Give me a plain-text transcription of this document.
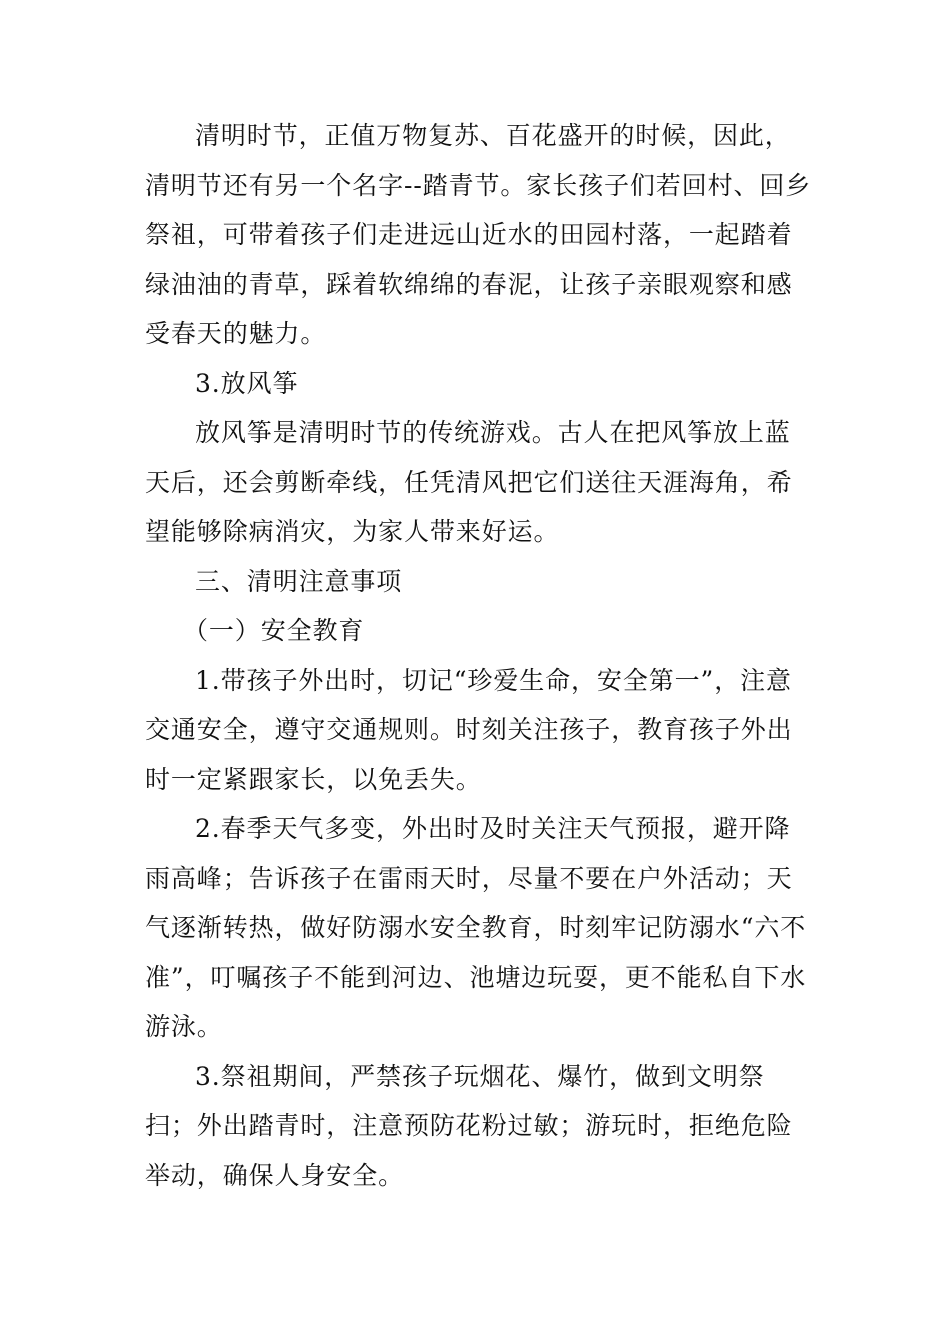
清明时节，正值万物复苏、百花盛开的时候，因此，清明节还有另一个名字--踏青节。家长孩子们若回村、回乡祭祖，可带着孩子们走进远山近水的田园村落，一起踏着绿油油的青草，踩着软绵绵的春泥，让孩子亲眼观察和感受春天的魅力。

3.放风筝

放风筝是清明时节的传统游戏。古人在把风筝放上蓝天后，还会剪断牵线，任凭清风把它们送往天涯海角，希望能够除病消灾，为家人带来好运。

三、清明注意事项

（一）安全教育

1.带孩子外出时，切记“珍爱生命，安全第一”，注意交通安全，遵守交通规则。时刻关注孩子，教育孩子外出时一定紧跟家长，以免丢失。

2.春季天气多变，外出时及时关注天气预报，避开降雨高峰；告诉孩子在雷雨天时，尽量不要在户外活动；天气逐渐转热，做好防溺水安全教育，时刻牢记防溺水“六不准”，叮嘱孩子不能到河边、池塘边玩耍，更不能私自下水游泳。

3.祭祖期间，严禁孩子玩烟花、爆竹，做到文明祭扫；外出踏青时，注意预防花粉过敏；游玩时，拒绝危险举动，确保人身安全。
